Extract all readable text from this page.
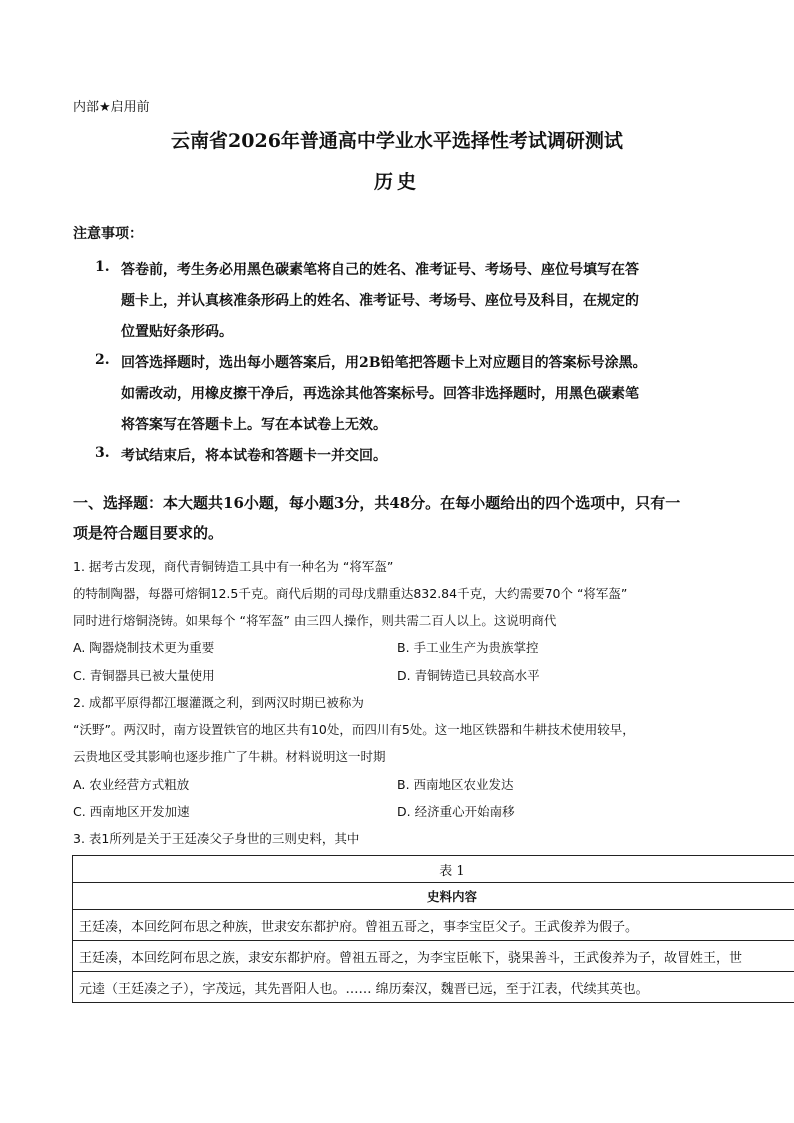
内部★启用前
云南省2026年普通高中学业水平选择性考试调研测试
历史
注意事项：
1. 答卷前，考生务必用黑色碳素笔将自己的姓名、准考证号、考场号、座位号填写在答
题卡上，并认真核准条形码上的姓名、准考证号、考场号、座位号及科目，在规定的
位置贴好条形码。
2. 回答选择题时，选出每小题答案后，用2B铅笔把答题卡上对应题目的答案标号涂黑。
如需改动，用橡皮擦干净后，再选涂其他答案标号。回答非选择题时，用黑色碳素笔
将答案写在答题卡上。写在本试卷上无效。
3. 考试结束后，将本试卷和答题卡一并交回。
一、选择题：本大题共16小题，每小题3分，共48分。在每小题给出的四个选项中，只有一
项是符合题目要求的。
1. 据考古发现，商代青铜铸造工具中有一种名为 “将军盔”
的特制陶器，每器可熔铜12.5千克。商代后期的司母戊鼎重达832.84千克，大约需要70个 “将军盔”
同时进行熔铜浇铸。如果每个 “将军盔” 由三四人操作，则共需二百人以上。这说明商代
A. 陶器烧制技术更为重要	B. 手工业生产为贵族掌控
C. 青铜器具已被大量使用	D. 青铜铸造已具较高水平
2. 成都平原得都江堰灌溉之利，到两汉时期已被称为
“沃野”。两汉时，南方设置铁官的地区共有10处，而四川有5处。这一地区铁器和牛耕技术使用较早，
云贵地区受其影响也逐步推广了牛耕。材料说明这一时期
A. 农业经营方式粗放	B. 西南地区农业发达
C. 西南地区开发加速	D. 经济重心开始南移
3. 表1所列是关于王廷凑父子身世的三则史料，其中
表 1
史料内容
王廷凑，本回纥阿布思之种族，世隶安东都护府。曾祖五哥之，事李宝臣父子。王武俊养为假子。
王廷凑，本回纥阿布思之族，隶安东都护府。曾祖五哥之，为李宝臣帐下，骁果善斗，王武俊养为子，故冒姓王，世
元逵（王廷凑之子），字茂远，其先晋阳人也。…… 绵历秦汉，魏晋已远，至于江表，代续其英也。
